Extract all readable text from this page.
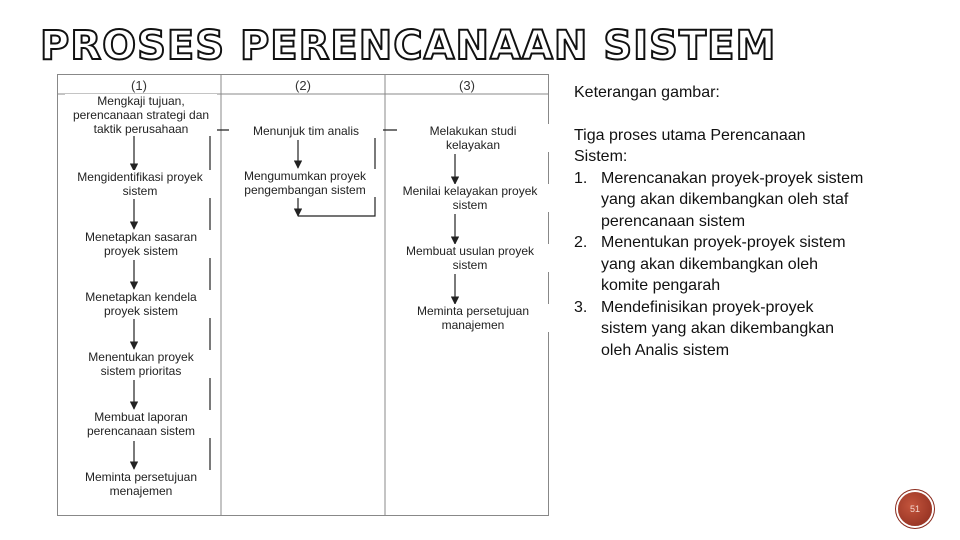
PROSES PERENCANAAN SISTEM
(1)	(2)	(3)
Mengkaji tujuan,
perencanaan strategi dan
taktik perusahaan
Mengidentifikasi proyek
sistem
Menetapkan sasaran
proyek sistem
Menetapkan kendela
proyek sistem
Menentukan proyek
sistem prioritas
Membuat laporan
perencanaan sistem
Meminta persetujuan
menajemen
Menunjuk tim analis
Mengumumkan proyek
pengembangan sistem
Melakukan studi
kelayakan
Menilai kelayakan proyek
sistem
Membuat usulan proyek
sistem
Meminta persetujuan
manajemen
Keterangan gambar:
Tiga proses utama Perencanaan
Sistem:
1. Merencanakan proyek-proyek sistem yang akan dikembangkan oleh staf perencanaan sistem
2. Menentukan proyek-proyek sistem yang akan dikembangkan oleh komite pengarah
3. Mendefinisikan proyek-proyek sistem yang akan dikembangkan oleh Analis sistem
51
